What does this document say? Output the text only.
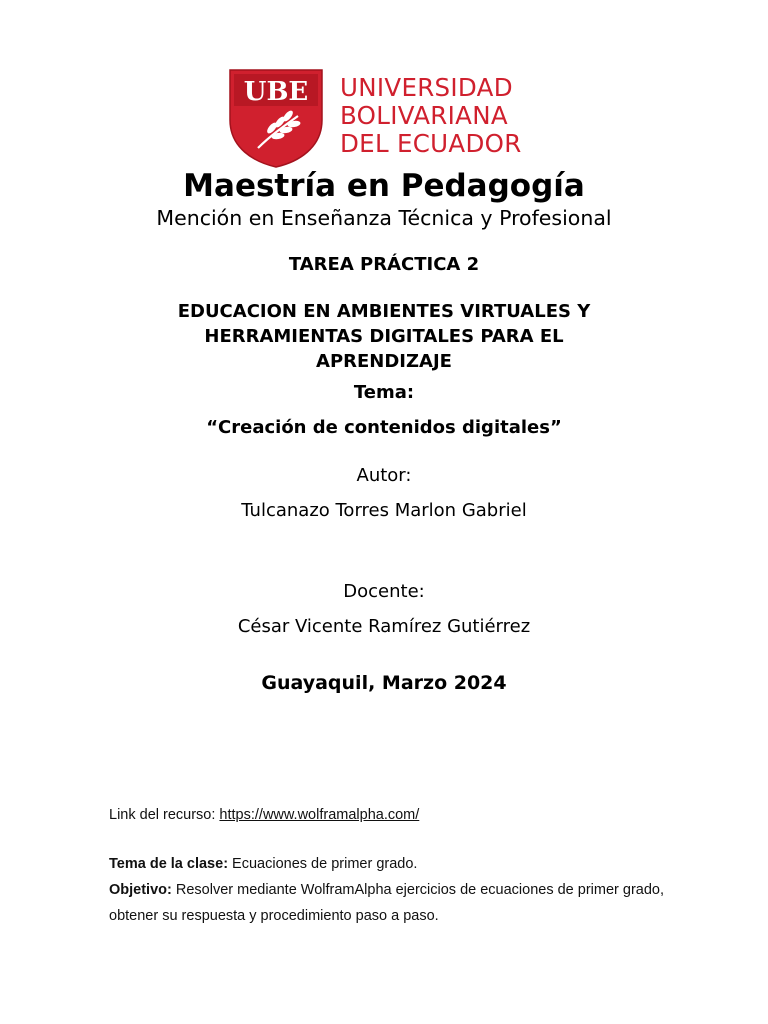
UBE UNIVERSIDAD
BOLIVARIANA
DEL ECUADOR
Maestría en Pedagogía
Mención en Enseñanza Técnica y Profesional
TAREA PRÁCTICA 2
EDUCACION EN AMBIENTES VIRTUALES Y
HERRAMIENTAS DIGITALES PARA EL
APRENDIZAJE
Tema:
“Creación de contenidos digitales”
Autor:
Tulcanazo Torres Marlon Gabriel
Docente:
César Vicente Ramírez Gutiérrez
Guayaquil, Marzo 2024
Link del recurso: https://www.wolframalpha.com/
Tema de la clase: Ecuaciones de primer grado.
Objetivo: Resolver mediante WolframAlpha ejercicios de ecuaciones de primer grado, obtener su respuesta y procedimiento paso a paso.
